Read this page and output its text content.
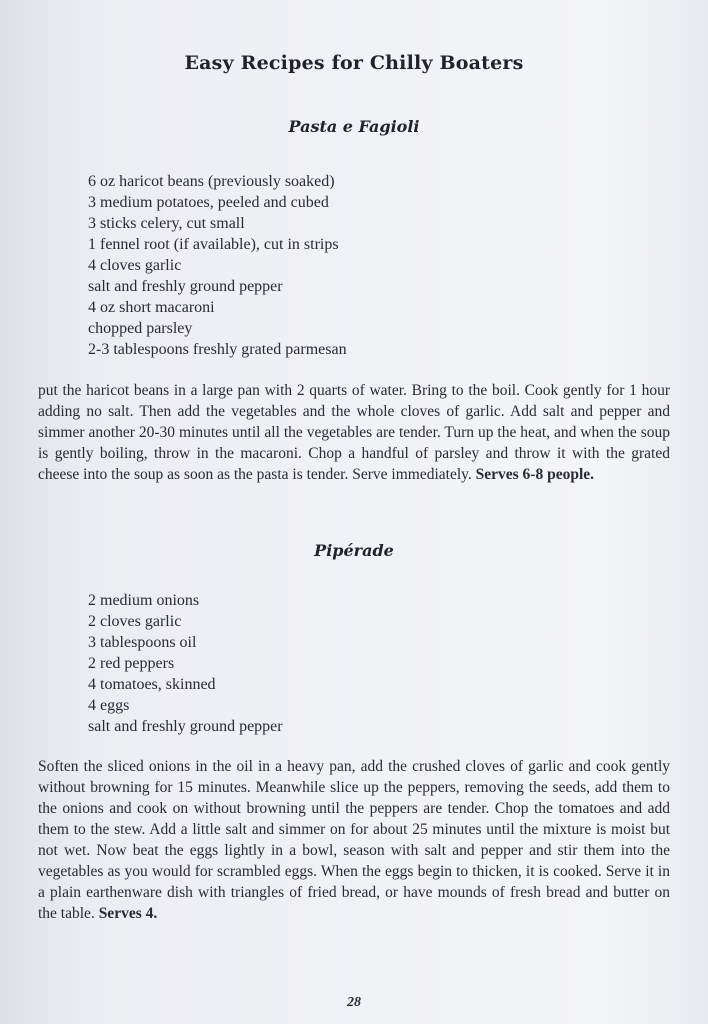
Easy Recipes for Chilly Boaters
Pasta e Fagioli
6 oz haricot beans (previously soaked)
3 medium potatoes, peeled and cubed
3 sticks celery, cut small
1 fennel root (if available), cut in strips
4 cloves garlic
salt and freshly ground pepper
4 oz short macaroni
chopped parsley
2-3 tablespoons freshly grated parmesan

put the haricot beans in a large pan with 2 quarts of water. Bring to the boil. Cook gently for 1 hour adding no salt. Then add the vegetables and the whole cloves of garlic. Add salt and pepper and simmer another 20-30 minutes until all the vegetables are tender. Turn up the heat, and when the soup is gently boiling, throw in the macaroni. Chop a handful of parsley and throw it with the grated cheese into the soup as soon as the pasta is tender. Serve immediately. Serves 6-8 people.

Pipérade
2 medium onions
2 cloves garlic
3 tablespoons oil
2 red peppers
4 tomatoes, skinned
4 eggs
salt and freshly ground pepper

Soften the sliced onions in the oil in a heavy pan, add the crushed cloves of garlic and cook gently without browning for 15 minutes. Meanwhile slice up the peppers, removing the seeds, add them to the onions and cook on without browning until the peppers are tender. Chop the tomatoes and add them to the stew. Add a little salt and simmer on for about 25 minutes until the mixture is moist but not wet. Now beat the eggs lightly in a bowl, season with salt and pepper and stir them into the vegetables as you would for scrambled eggs. When the eggs begin to thicken, it is cooked. Serve it in a plain earthenware dish with triangles of fried bread, or have mounds of fresh bread and butter on the table. Serves 4.

28
